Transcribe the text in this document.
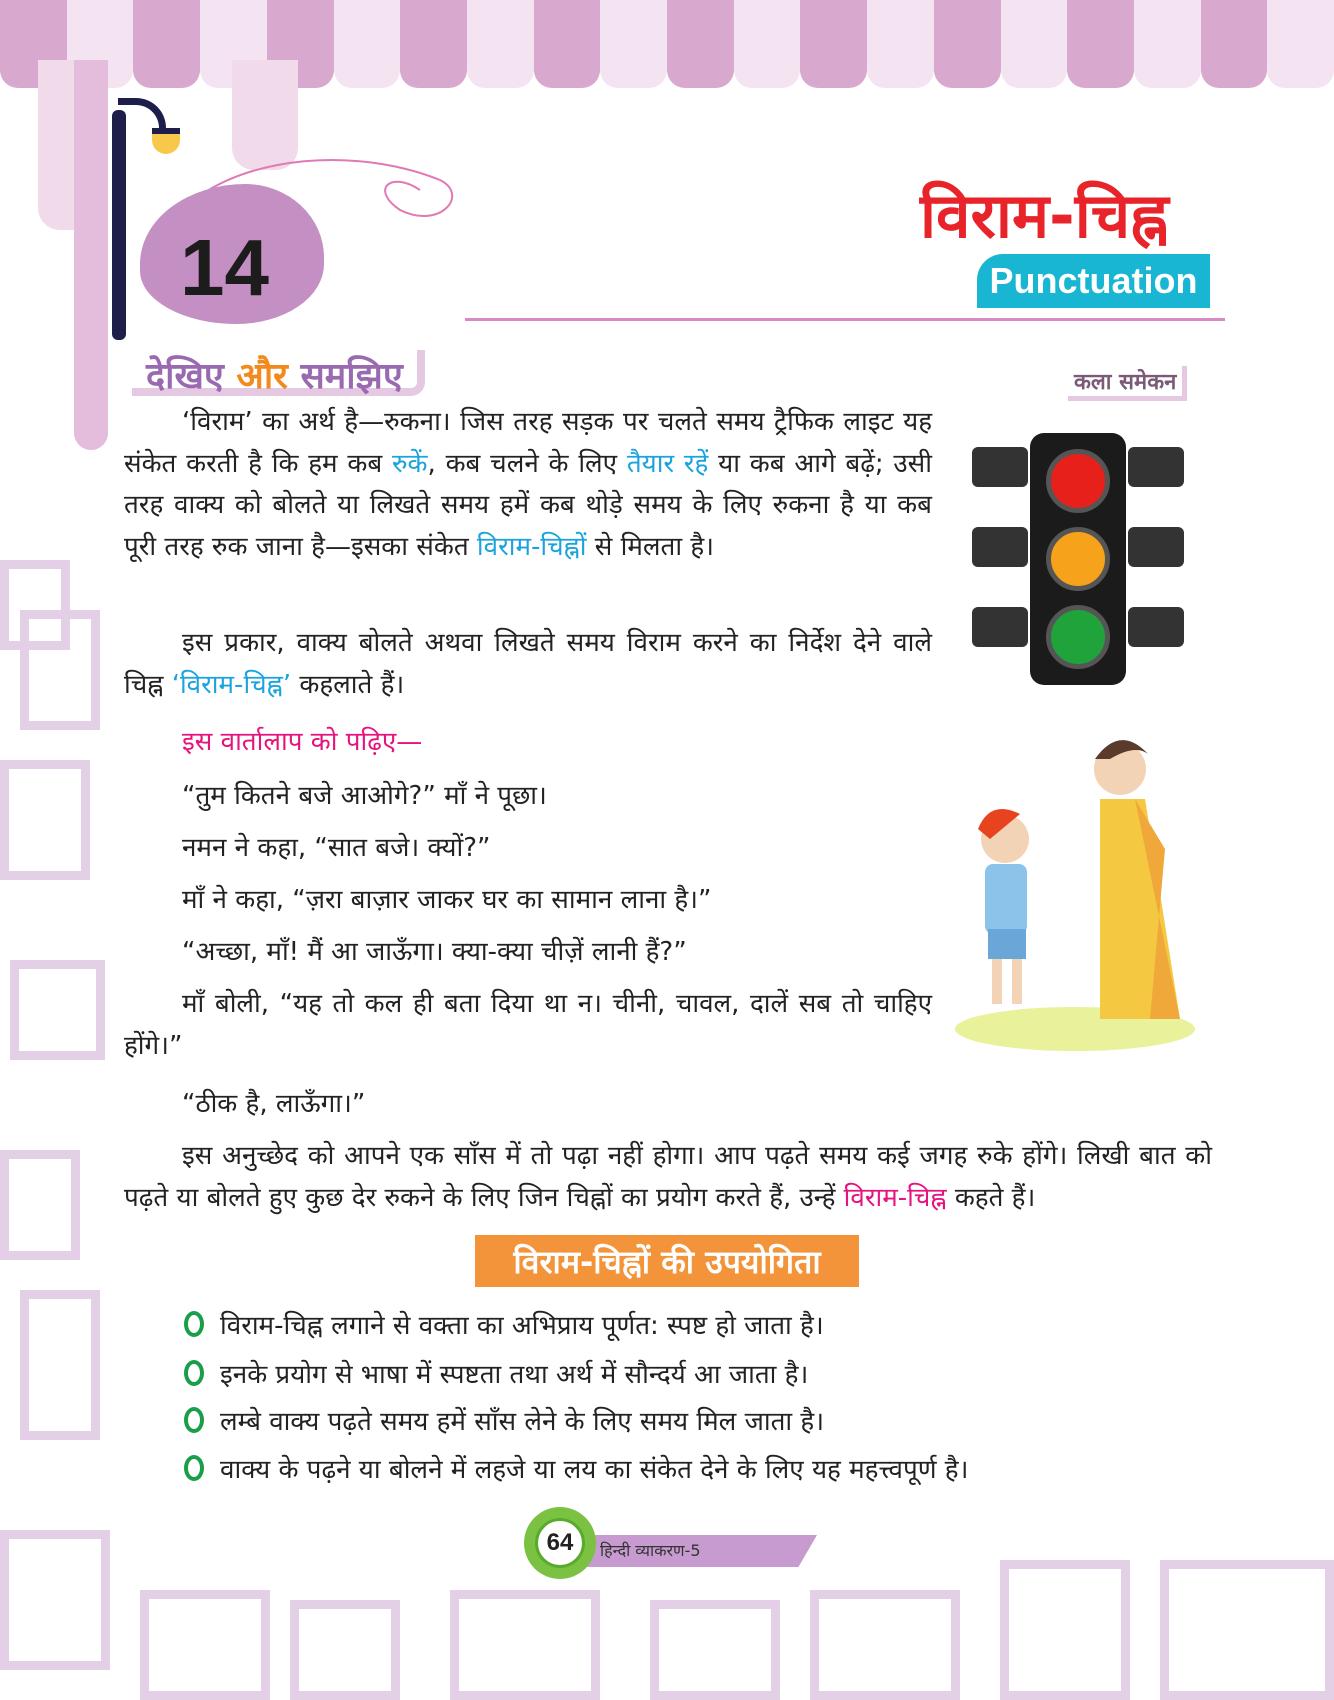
14
विराम-चिह्न
Punctuation
देखिए और समझिए	कला समेकन

‘विराम’ का अर्थ है—रुकना। जिस तरह सड़क पर चलते समय ट्रैफिक लाइट यह संकेत करती है कि हम कब रुकें, कब चलने के लिए तैयार रहें या कब आगे बढ़ें; उसी तरह वाक्य को बोलते या लिखते समय हमें कब थोड़े समय के लिए रुकना है या कब पूरी तरह रुक जाना है—इसका संकेत विराम-चिह्नों से मिलता है।

इस प्रकार, वाक्य बोलते अथवा लिखते समय विराम करने का निर्देश देने वाले चिह्न ‘विराम-चिह्न’ कहलाते हैं।

इस वार्तालाप को पढ़िए—
“तुम कितने बजे आओगे?” माँ ने पूछा।
नमन ने कहा, “सात बजे। क्यों?”
माँ ने कहा, “ज़रा बाज़ार जाकर घर का सामान लाना है।”
“अच्छा, माँ! मैं आ जाऊँगा। क्या-क्या चीज़ें लानी हैं?”

माँ बोली, “यह तो कल ही बता दिया था न। चीनी, चावल, दालें सब तो चाहिए होंगे।”

“ठीक है, लाऊँगा।”

इस अनुच्छेद को आपने एक साँस में तो पढ़ा नहीं होगा। आप पढ़ते समय कई जगह रुके होंगे। लिखी बात को पढ़ते या बोलते हुए कुछ देर रुकने के लिए जिन चिह्नों का प्रयोग करते हैं, उन्हें विराम-चिह्न कहते हैं।

विराम-चिह्नों की उपयोगिता
विराम-चिह्न लगाने से वक्ता का अभिप्राय पूर्णत: स्पष्ट हो जाता है।
इनके प्रयोग से भाषा में स्पष्टता तथा अर्थ में सौन्दर्य आ जाता है।
लम्बे वाक्य पढ़ते समय हमें साँस लेने के लिए समय मिल जाता है।
वाक्य के पढ़ने या बोलने में लहजे या लय का संकेत देने के लिए यह महत्त्वपूर्ण है।
64	हिन्दी व्याकरण-5
